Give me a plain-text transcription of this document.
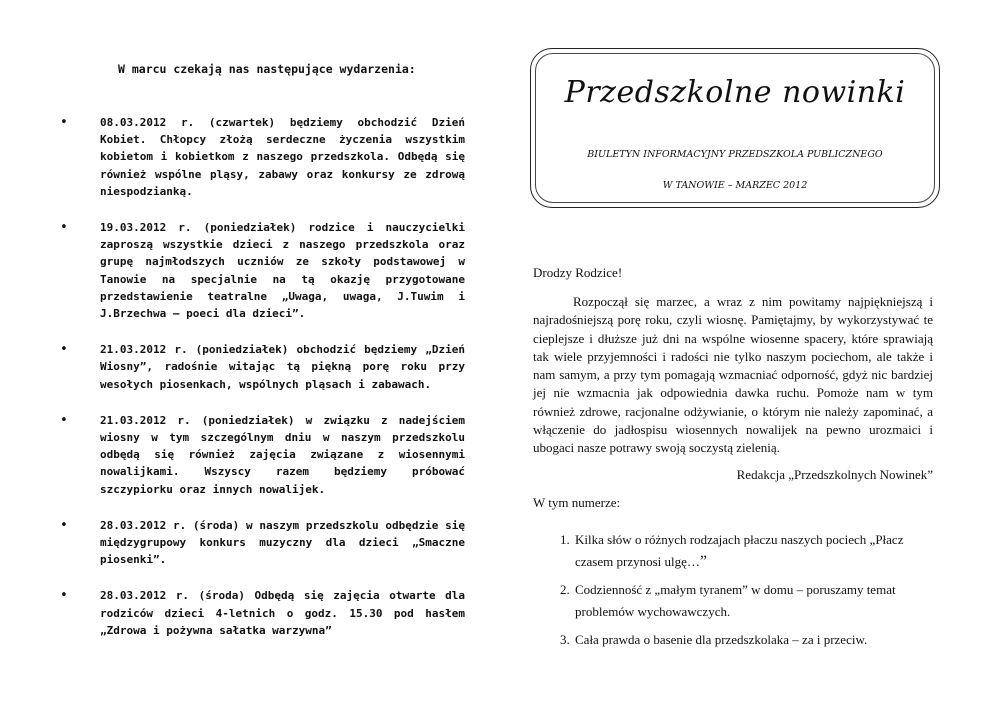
W marcu czekają nas następujące wydarzenia:
•	08.03.2012 r. (czwartek) będziemy obchodzić Dzień Kobiet. Chłopcy złożą serdeczne życzenia wszystkim kobietom i kobietkom z naszego przedszkola. Odbędą się również wspólne pląsy, zabawy oraz konkursy ze zdrową niespodzianką.
•	19.03.2012 r. (poniedziałek) rodzice i nauczycielki zaproszą wszystkie dzieci z naszego przedszkola oraz grupę najmłodszych uczniów ze szkoły podstawowej w Tanowie na specjalnie na tą okazję przygotowane przedstawienie teatralne „Uwaga, uwaga, J.Tuwim i J.Brzechwa – poeci dla dzieci”.
•	21.03.2012 r. (poniedziałek) obchodzić będziemy „Dzień Wiosny”, radośnie witając tą piękną porę roku przy wesołych piosenkach, wspólnych pląsach i zabawach.
•	21.03.2012 r. (poniedziałek) w związku z nadejściem wiosny w tym szczególnym dniu w naszym przedszkolu odbędą się również zajęcia związane z wiosennymi nowalijkami. Wszyscy razem będziemy próbować szczypiorku oraz innych nowalijek.
•	28.03.2012 r. (środa) w naszym przedszkolu odbędzie się międzygrupowy konkurs muzyczny dla dzieci „Smaczne piosenki”.
•	28.03.2012 r. (środa) Odbędą się zajęcia otwarte dla rodziców dzieci 4-letnich o godz. 15.30 pod hasłem „Zdrowa i pożywna sałatka warzywna”
Przedszkolne nowinki
BIULETYN INFORMACYJNY PRZEDSZKOLA PUBLICZNEGO
W TANOWIE – MARZEC 2012

Drodzy Rodzice!

Rozpoczął się marzec, a wraz z nim powitamy najpiękniejszą i najradośniejszą porę roku, czyli wiosnę. Pamiętajmy, by wykorzystywać te cieplejsze i dłuższe już dni na wspólne wiosenne spacery, które sprawiają tak wiele przyjemności i radości nie tylko naszym pociechom, ale także i nam samym, a przy tym pomagają wzmacniać odporność, gdyż nic bardziej jej nie wzmacnia jak odpowiednia dawka ruchu. Pomoże nam w tym również zdrowe, racjonalne odżywianie, o którym nie należy zapominać, a włączenie do jadłospisu wiosennych nowalijek na pewno urozmaici i ubogaci nasze potrawy swoją soczystą zielenią.

Redakcja „Przedszkolnych Nowinek”

W tym numerze:

1. Kilka słów o różnych rodzajach płaczu naszych pociech „Płacz czasem przynosi ulgę…”
2. Codzienność z „małym tyranem” w domu – poruszamy temat problemów wychowawczych.
3. Cała prawda o basenie dla przedszkolaka – za i przeciw.
